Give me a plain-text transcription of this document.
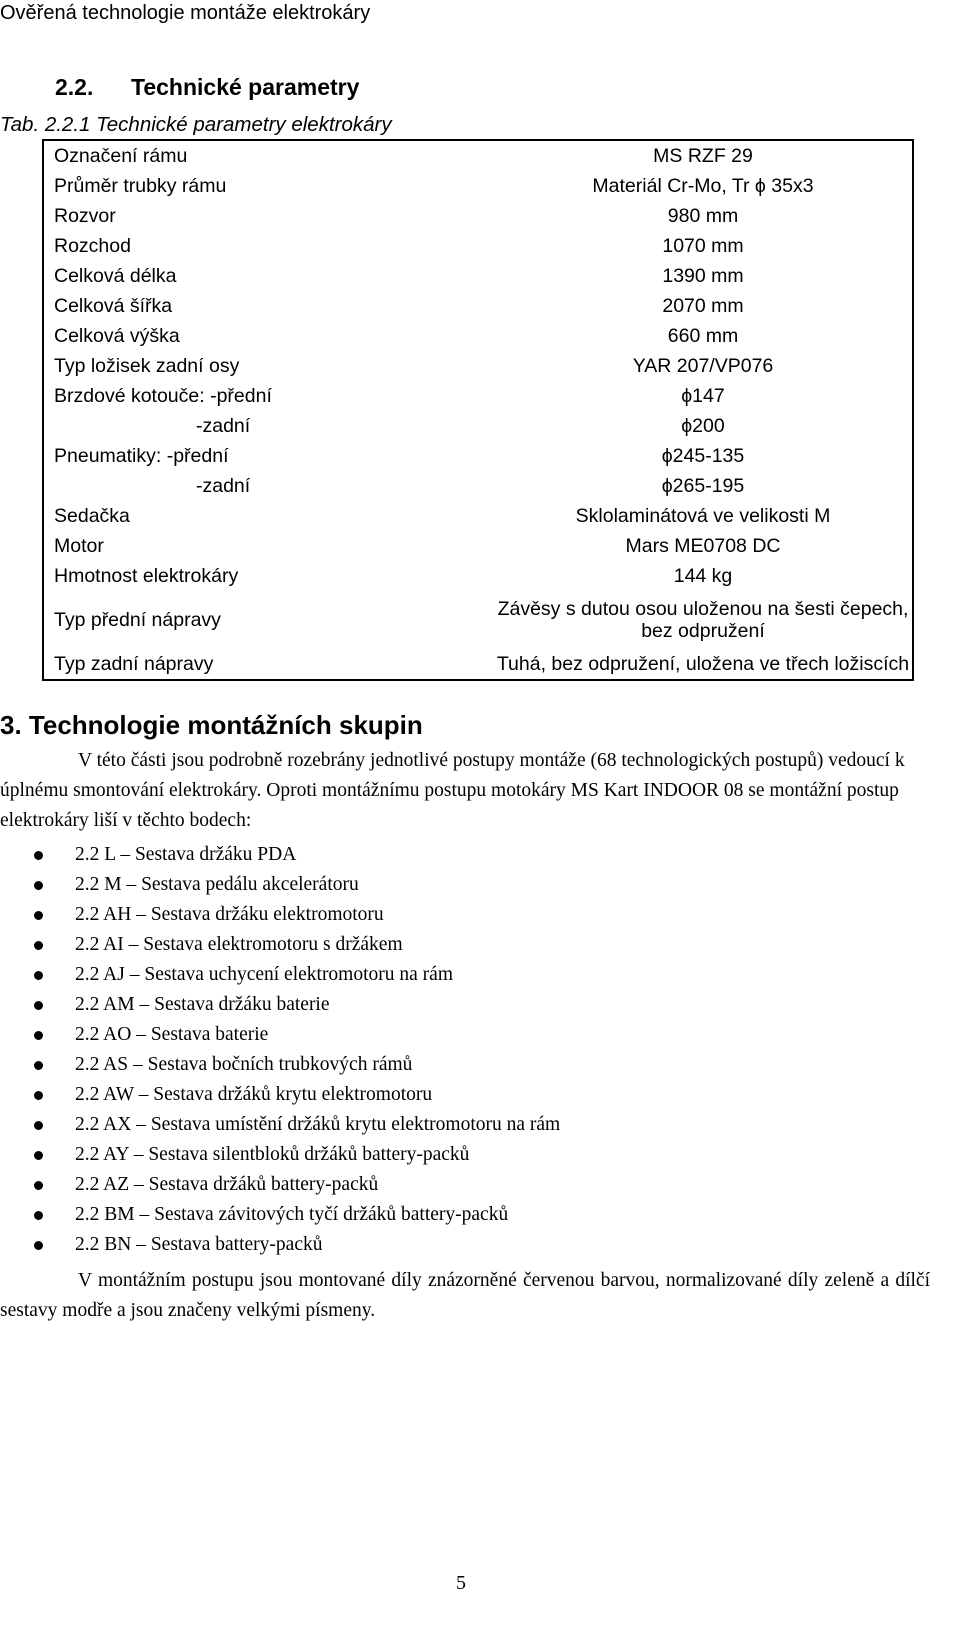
Ověřená technologie montáže elektrokáry
2.2. Technické parametry
Tab. 2.2.1 Technické parametry elektrokáry
Označení rámu	MS RZF 29
Průměr trubky rámu	Materiál Cr-Mo, Tr ϕ 35x3
Rozvor	980 mm
Rozchod	1070 mm
Celková délka	1390 mm
Celková šířka	2070 mm
Celková výška	660 mm
Typ ložisek zadní osy	YAR 207/VP076
Brzdové kotouče: -přední	ϕ147
-zadní	ϕ200
Pneumatiky: -přední	ϕ245-135
-zadní	ϕ265-195
Sedačka	Sklolaminátová ve velikosti M
Motor	Mars ME0708 DC
Hmotnost elektrokáry	144 kg
Typ přední nápravy	Závěsy s dutou osou uloženou na šesti čepech,
bez odpružení

Typ zadní nápravy	Tuhá, bez odpružení, uložena ve třech ložiscích
3. Technologie montážních skupin
V této části jsou podrobně rozebrány jednotlivé postupy montáže (68 technologických postupů) vedoucí k úplnému smontování elektrokáry. Oproti montážnímu postupu motokáry MS Kart INDOOR 08 se montážní postup elektrokáry liší v těchto bodech:
2.2 L – Sestava držáku PDA
2.2 M – Sestava pedálu akcelerátoru
2.2 AH – Sestava držáku elektromotoru
2.2 AI – Sestava elektromotoru s držákem
2.2 AJ – Sestava uchycení elektromotoru na rám
2.2 AM – Sestava držáku baterie
2.2 AO – Sestava baterie
2.2 AS – Sestava bočních trubkových rámů
2.2 AW – Sestava držáků krytu elektromotoru
2.2 AX – Sestava umístění držáků krytu elektromotoru na rám
2.2 AY – Sestava silentbloků držáků battery-packů
2.2 AZ – Sestava držáků battery-packů
2.2 BM – Sestava závitových tyčí držáků battery-packů
2.2 BN – Sestava battery-packů
V montážním postupu jsou montované díly znázorněné červenou barvou, normalizované díly zeleně a dílčí sestavy modře a jsou značeny velkými písmeny.
5
